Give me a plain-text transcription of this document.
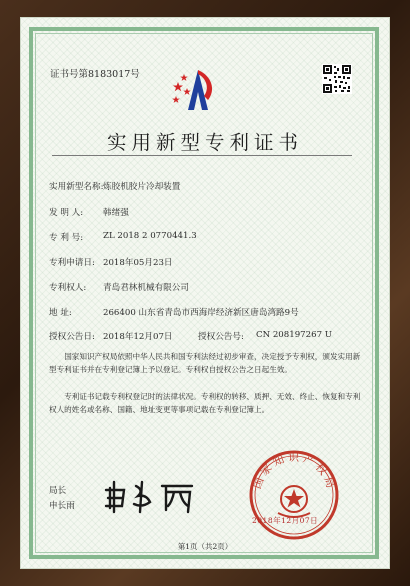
证书号第8183017号
实用新型专利证书
实用新型名称: 炼胶机胶片冷却装置
发 明 人: 韩绪强
专 利 号: ZL 2018 2 0770441.3
专利申请日: 2018年05月23日
专利权人: 青岛君林机械有限公司
地 址:	266400 山东省青岛市西海岸经济新区唐岛湾路9号
授权公告日: 2018年12月07日	授权公告号: CN 208197267 U
国家知识产权局依照中华人民共和国专利法经过初步审查，决定授予专利权，颁发实用新型专利证书并在专利登记簿上予以登记。专利权自授权公告之日起生效。
专利证书记载专利权登记时的法律状况。专利权的转移、质押、无效、终止、恢复和专利权人的姓名或名称、国籍、地址变更等事项记载在专利登记簿上。
局长
申长雨
国家知识产权局
2018年12月07日
第1页（共2页）
